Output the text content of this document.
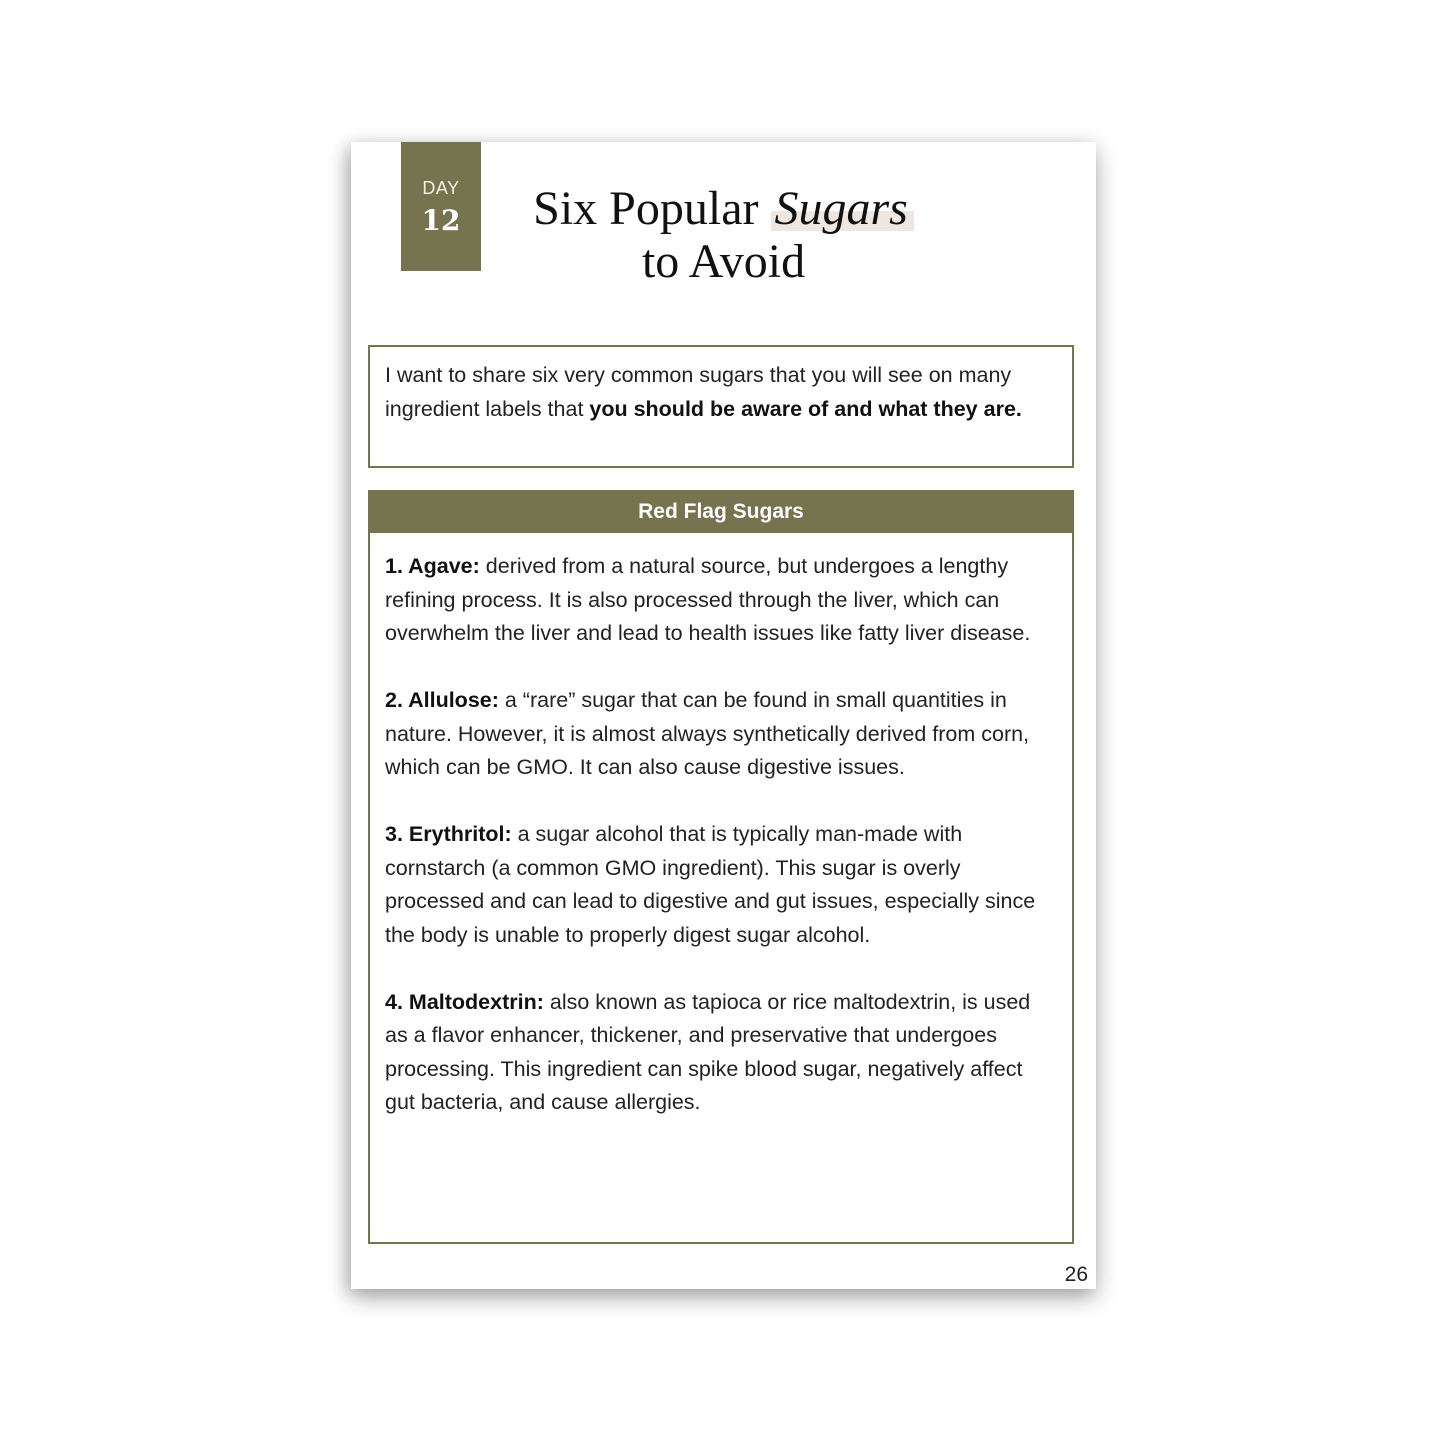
DAY
12	Six Popular Sugars
to Avoid
I want to share six very common sugars that you will see on many ingredient labels that you should be aware of and what they are.
Red Flag Sugars
1. Agave: derived from a natural source, but undergoes a lengthy refining process. It is also processed through the liver, which can overwhelm the liver and lead to health issues like fatty liver disease.
2. Allulose: a “rare” sugar that can be found in small quantities in nature. However, it is almost always synthetically derived from corn, which can be GMO. It can also cause digestive issues.
3. Erythritol: a sugar alcohol that is typically man-made with cornstarch (a common GMO ingredient). This sugar is overly processed and can lead to digestive and gut issues, especially since the body is unable to properly digest sugar alcohol.
4. Maltodextrin: also known as tapioca or rice maltodextrin, is used as a flavor enhancer, thickener, and preservative that undergoes processing. This ingredient can spike blood sugar, negatively affect gut bacteria, and cause allergies.
26
